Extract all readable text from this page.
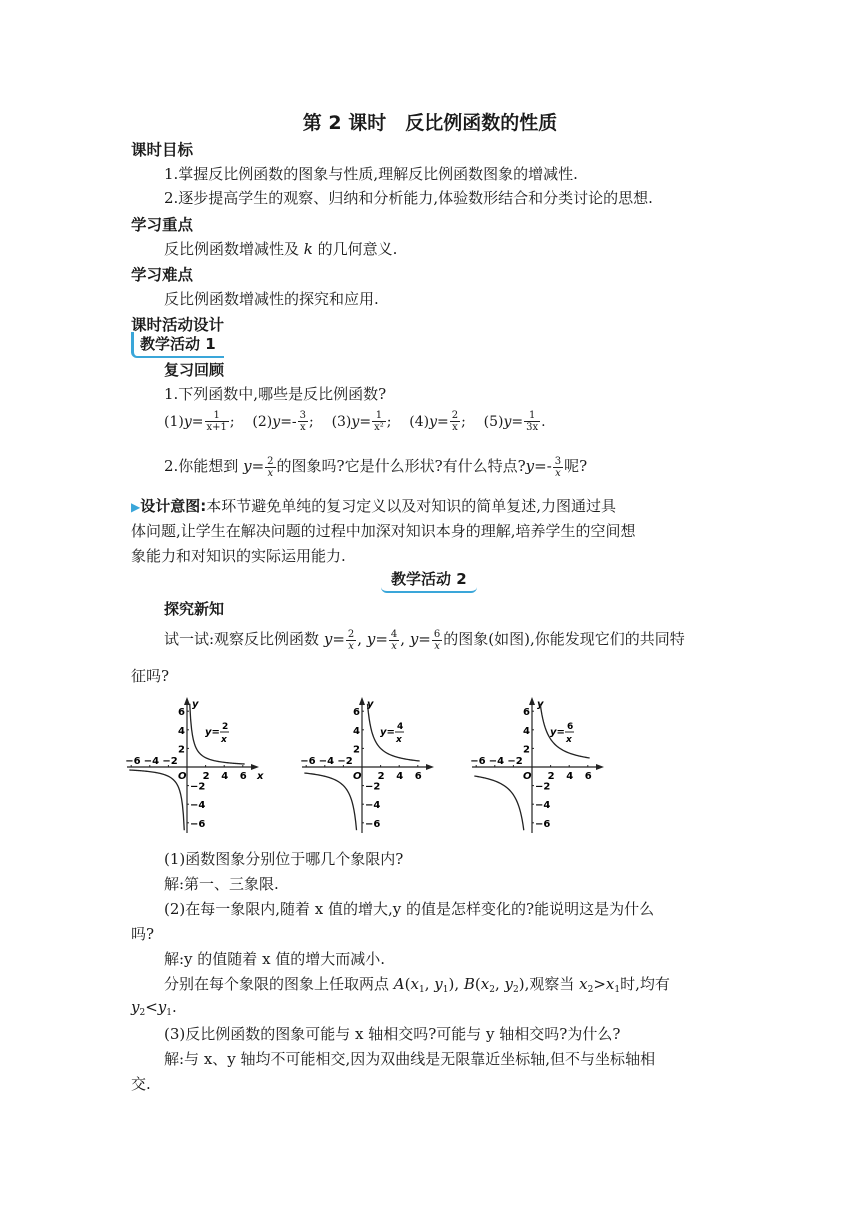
第 2 课时　反比例函数的性质
课时目标
1.掌握反比例函数的图象与性质,理解反比例函数图象的增减性.
2.逐步提高学生的观察、归纳和分析能力,体验数形结合和分类讨论的思想.
学习重点
反比例函数增减性及 k 的几何意义.
学习难点
反比例函数增减性的探究和应用.
课时活动设计
教学活动 1
复习回顾
1.下列函数中,哪些是反比例函数?
$(1)y= \frac{1}{x+1}$ ;    $(2)y=- \frac{3}{x}$ ;    $(3)y= \frac{1}{\text{x²}}$ ;    $(4)y= \frac{2}{x}$ ;    $(5)y= \frac{1}{3x}$ .
2.你能想到 $y= \frac{2}{x}$ 的图象吗?它是什么形状?有什么特点?y=- $\frac{3}{x}$ 呢?
▶设计意图:本环节避免单纯的复习定义以及对知识的简单复述,力图通过具
体问题,让学生在解决问题的过程中加深对知识本身的理解,培养学生的空间想
象能力和对知识的实际运用能力.
教学活动 2
探究新知
试一试:观察反比例函数 $y= \frac{2}{x}$ , $y= \frac{4}{x}$ , $y= \frac{6}{x}$ 的图象(如图),你能发现它们的共同特
征吗?
y
−6 −4 −2
2 4 6
O	x
6
4
2
−2
−4
−6
y= 2
x
y
−6 −4 −2
2 4 6
O
6
4
2
−2
−4
−6
y= 4
x
y
−6 −4 −2
2 4 6
O
6
4
2
−2
−4
−6
y= 6
x
(1)函数图象分别位于哪几个象限内?
解:第一、三象限.
(2)在每一象限内,随着 x 值的增大,y 的值是怎样变化的?能说明这是为什么
吗?
解:y 的值随着 x 值的增大而减小.
分别在每个象限的图象上任取两点 $A(x_1$, $y_1$), $B(x_2$, $y_2$),观察当 $x_2>x_1$时,均有
$y_2<y_1$.
(3)反比例函数的图象可能与 x 轴相交吗?可能与 y 轴相交吗?为什么?
解:与 x、y 轴均不可能相交,因为双曲线是无限靠近坐标轴,但不与坐标轴相
交.
